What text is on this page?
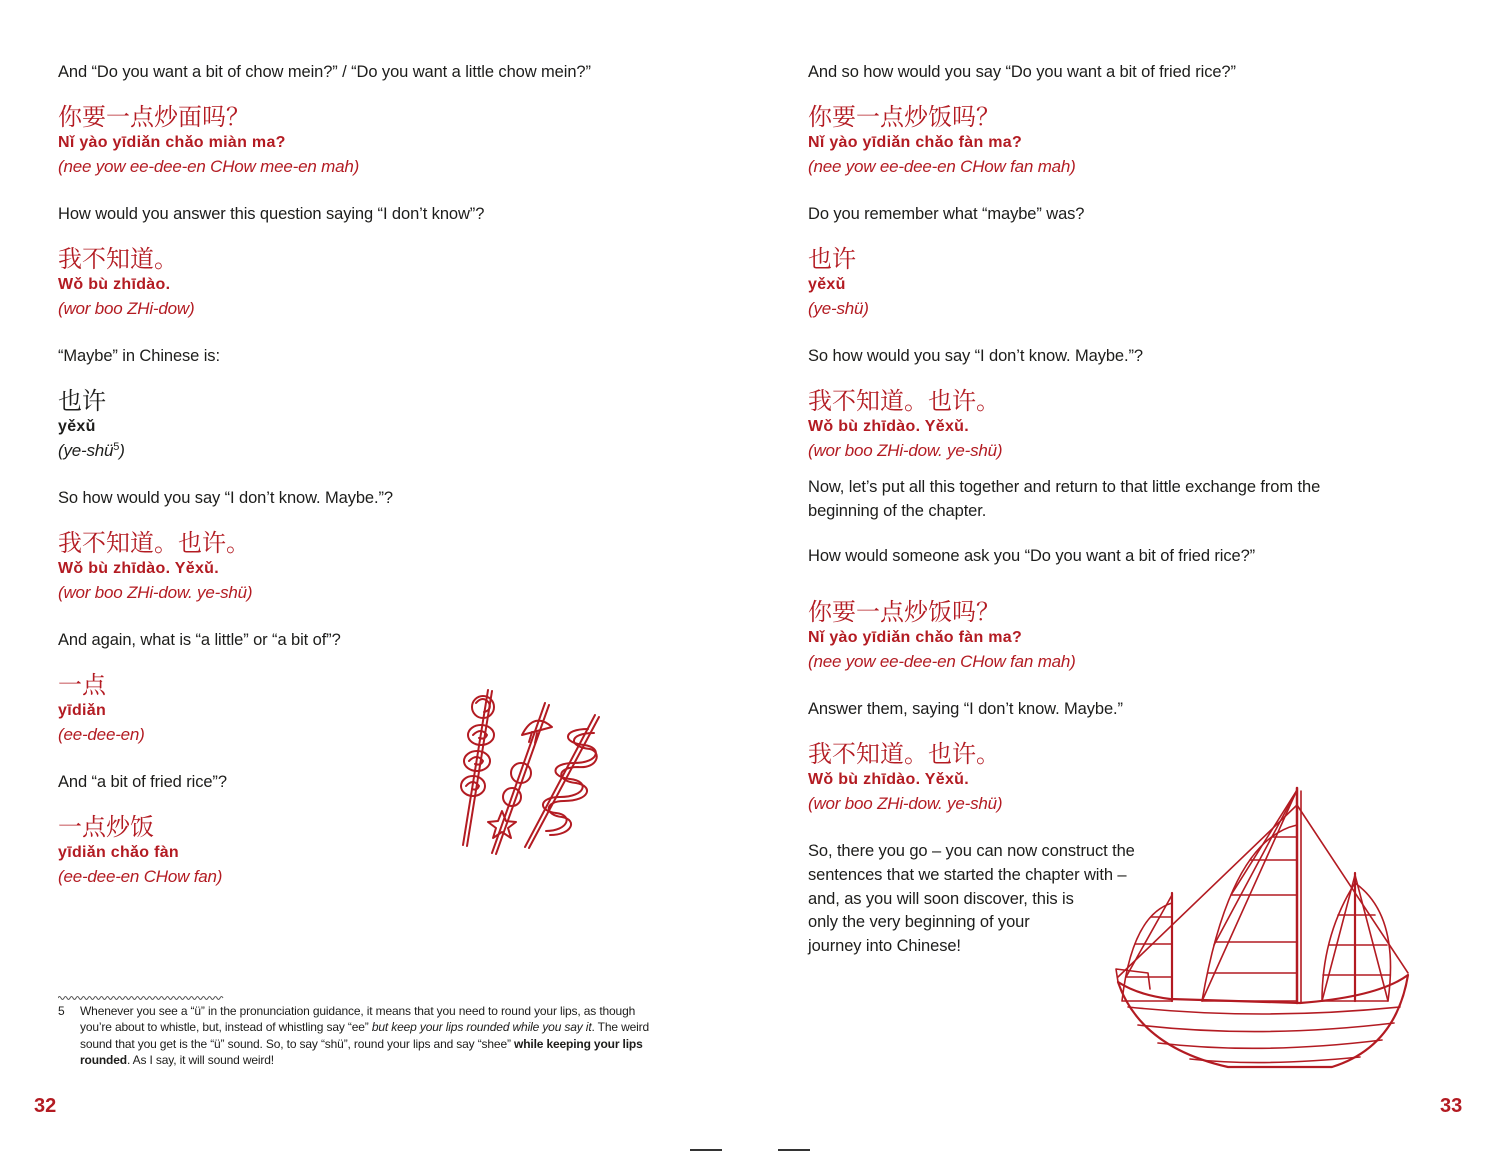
And “Do you want a bit of chow mein?” / “Do you want a little chow mein?”
你要一点炒面吗？
Nǐ yào yīdiǎn chǎo miàn ma?
(nee yow ee-dee-en CHow mee-en mah)
How would you answer this question saying “I don’t know”?
我不知道。
Wǒ bù zhīdào.
(wor boo ZHi-dow)
“Maybe” in Chinese is:
也许
yěxǔ
(ye-shü$^5$)
So how would you say “I don’t know. Maybe.”?
我不知道。也许。
Wǒ bù zhīdào. Yěxǔ.
(wor boo ZHi-dow. ye-shü)
And again, what is “a little” or “a bit of”?
一点
yīdiǎn
(ee-dee-en)
And “a bit of fried rice”?
一点炒饭
yīdiǎn chǎo fàn
(ee-dee-en CHow fan)
5 Whenever you see a “ü” in the pronunciation guidance, it means that you need to round your lips, as though
you’re about to whistle, but, instead of whistling say “ee” but keep your lips rounded while you say it. The weird
sound that you get is the “ü” sound. So, to say “shü”, round your lips and say “shee” while keeping your lips
rounded. As I say, it will sound weird!
32
And so how would you say “Do you want a bit of fried rice?”
你要一点炒饭吗？
Nǐ yào yīdiǎn chǎo fàn ma?
(nee yow ee-dee-en CHow fan mah)
Do you remember what “maybe” was?
也许
yěxǔ
(ye-shü)
So how would you say “I don’t know. Maybe.”?
我不知道。也许。
Wǒ bù zhīdào. Yěxǔ.
(wor boo ZHi-dow. ye-shü)
Now, let’s put all this together and return to that little exchange from the
beginning of the chapter.
How would someone ask you “Do you want a bit of fried rice?”
你要一点炒饭吗？
Nǐ yào yīdiǎn chǎo fàn ma?
(nee yow ee-dee-en CHow fan mah)
Answer them, saying “I don’t know. Maybe.”
我不知道。也许。
Wǒ bù zhīdào. Yěxǔ.
(wor boo ZHi-dow. ye-shü)
So, there you go – you can now construct the
sentences that we started the chapter with –
and, as you will soon discover, this is
only the very beginning of your
journey into Chinese!
33
